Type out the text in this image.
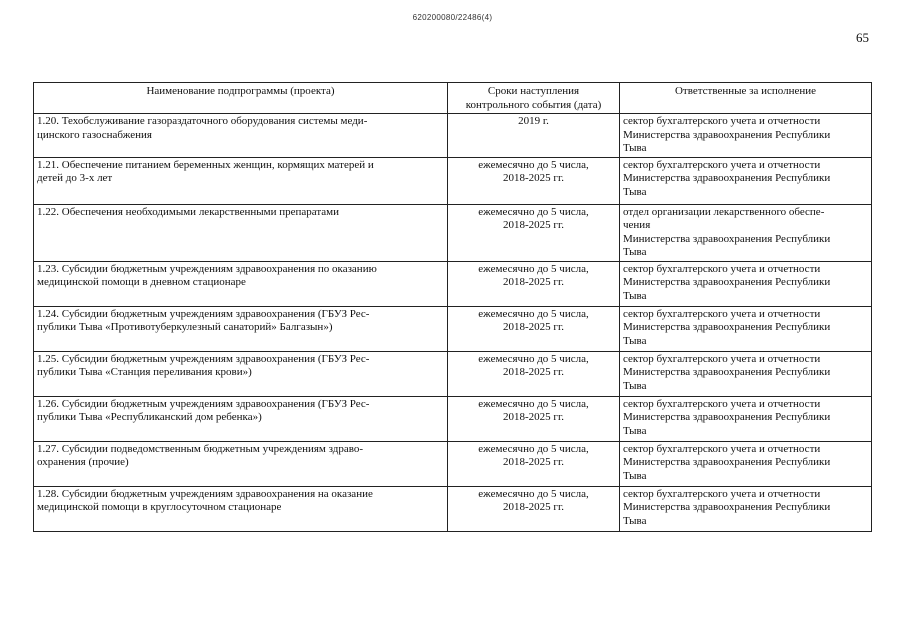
620200080/22486(4)
65
Наименование подпрограммы (проекта)	Сроки наступления
контрольного события (дата)	Ответственные за исполнение

1.20. Техобслуживание газораздаточного оборудования системы меди-
цинского газоснабжения	2019 г.	сектор бухгалтерского учета и отчетности
Министерства здравоохранения Республики
Тыва

1.21. Обеспечение питанием беременных женщин, кормящих матерей и
детей до 3-х лет	ежемесячно до 5 числа,
2018-2025 гг.	сектор бухгалтерского учета и отчетности
Министерства здравоохранения Республики
Тыва

1.22. Обеспечения необходимыми лекарственными препаратами	ежемесячно до 5 числа,
2018-2025 гг.	отдел организации лекарственного обеспе-
чения
Министерства здравоохранения Республики
Тыва

1.23. Субсидии бюджетным учреждениям здравоохранения по оказанию
медицинской помощи в дневном стационаре	ежемесячно до 5 числа,
2018-2025 гг.	сектор бухгалтерского учета и отчетности
Министерства здравоохранения Республики
Тыва

1.24. Субсидии бюджетным учреждениям здравоохранения (ГБУЗ Рес-
публики Тыва «Противотуберкулезный санаторий» Балгазын»)	ежемесячно до 5 числа,
2018-2025 гг.	сектор бухгалтерского учета и отчетности
Министерства здравоохранения Республики
Тыва

1.25. Субсидии бюджетным учреждениям здравоохранения (ГБУЗ Рес-
публики Тыва «Станция переливания крови»)	ежемесячно до 5 числа,
2018-2025 гг.	сектор бухгалтерского учета и отчетности
Министерства здравоохранения Республики
Тыва

1.26. Субсидии бюджетным учреждениям здравоохранения (ГБУЗ Рес-
публики Тыва «Республиканский дом ребенка»)	ежемесячно до 5 числа,
2018-2025 гг.	сектор бухгалтерского учета и отчетности
Министерства здравоохранения Республики
Тыва

1.27. Субсидии подведомственным бюджетным учреждениям здраво-
охранения (прочие)	ежемесячно до 5 числа,
2018-2025 гг.	сектор бухгалтерского учета и отчетности
Министерства здравоохранения Республики
Тыва

1.28. Субсидии бюджетным учреждениям здравоохранения на оказание
медицинской помощи в круглосуточном стационаре	ежемесячно до 5 числа,
2018-2025 гг.	сектор бухгалтерского учета и отчетности
Министерства здравоохранения Республики
Тыва
